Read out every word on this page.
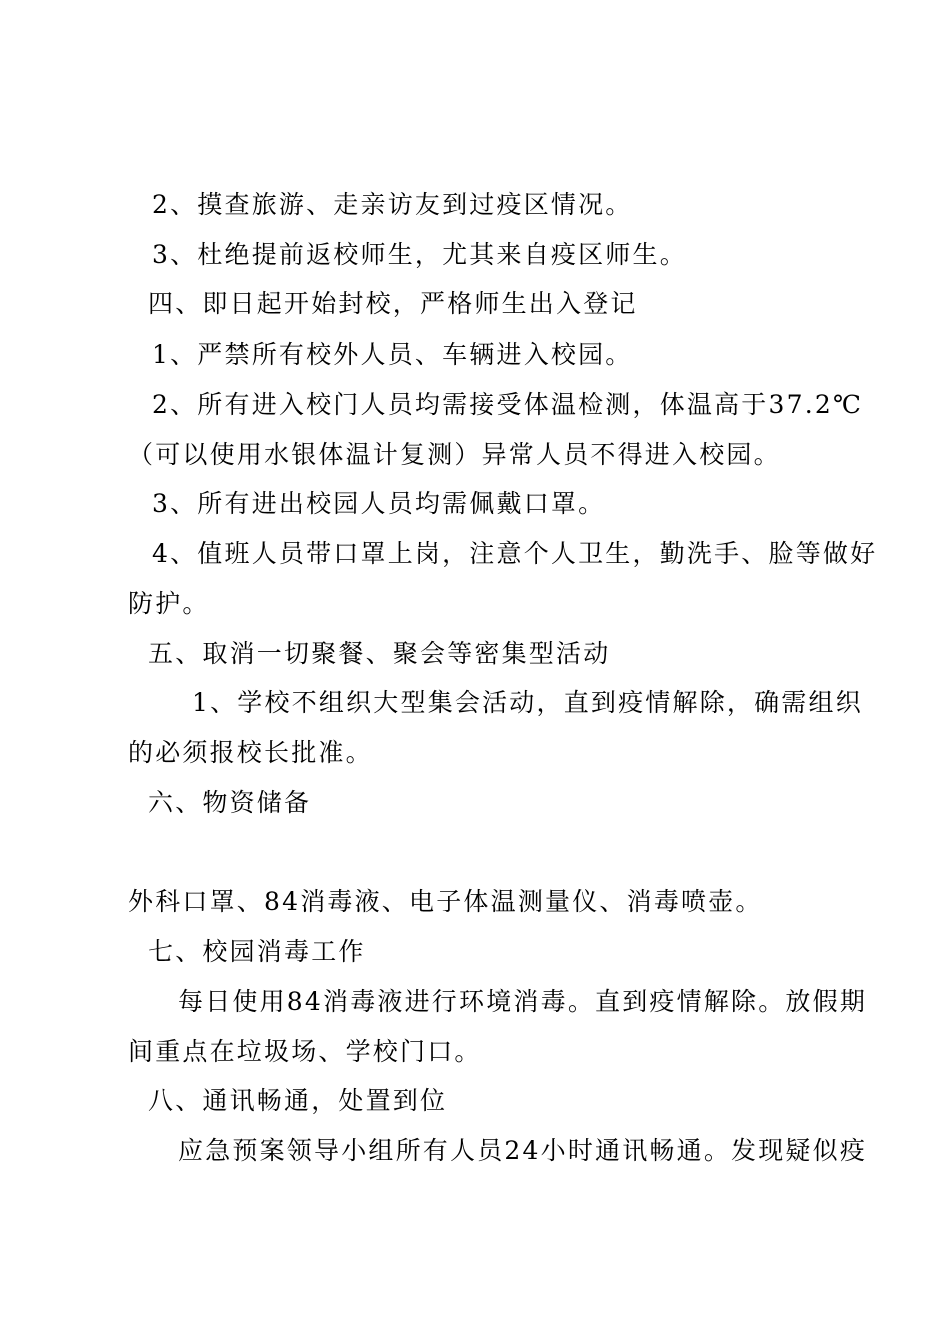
2、摸查旅游、走亲访友到过疫区情况。
3、杜绝提前返校师生，尤其来自疫区师生。
四、即日起开始封校，严格师生出入登记
1、严禁所有校外人员、车辆进入校园。
2、所有进入校门人员均需接受体温检测，体温高于37.2℃
（可以使用水银体温计复测）异常人员不得进入校园。
3、所有进出校园人员均需佩戴口罩。
4、值班人员带口罩上岗，注意个人卫生，勤洗手、脸等做好
防护。
五、取消一切聚餐、聚会等密集型活动
1、学校不组织大型集会活动，直到疫情解除，确需组织
的必须报校长批准。
六、物资储备
外科口罩、84消毒液、电子体温测量仪、消毒喷壶。
七、校园消毒工作
每日使用84消毒液进行环境消毒。直到疫情解除。放假期
间重点在垃圾场、学校门口。
八、通讯畅通，处置到位
应急预案领导小组所有人员24小时通讯畅通。发现疑似疫
